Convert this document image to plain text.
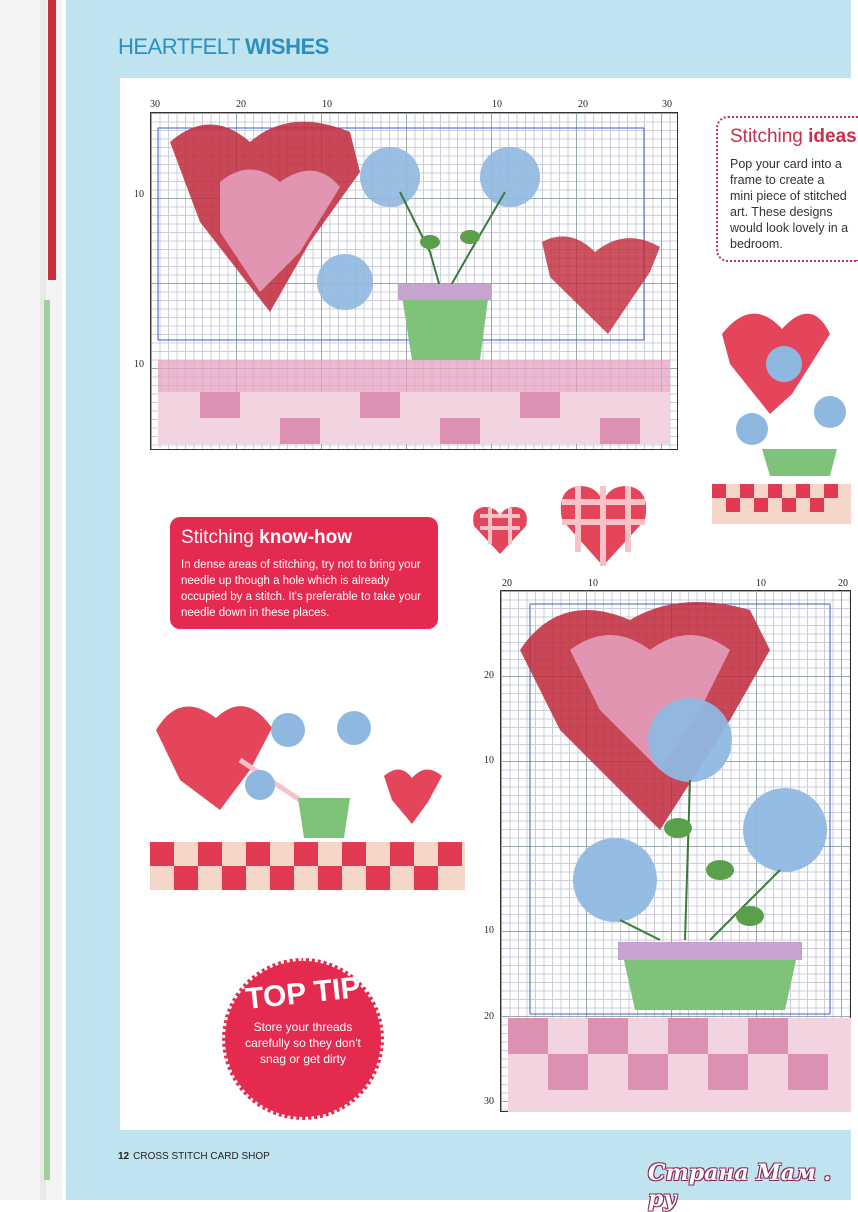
HEARTFELT WISHES
30	20	10	10	20	30
10
10
Stitching ideas
Pop your card into a frame to create a mini piece of stitched art. These designs would look lovely in a bedroom.
Stitching know-how
In dense areas of stitching, try not to bring your needle up though a hole which is already occupied by a stitch. It's preferable to take your needle down in these places.
20	10	10	20
20
10
10
20
30
TOP TIP
Store your threads carefully so they don't snag or get dirty
12 CROSS STITCH CARD SHOP
Страна Мам . ру
